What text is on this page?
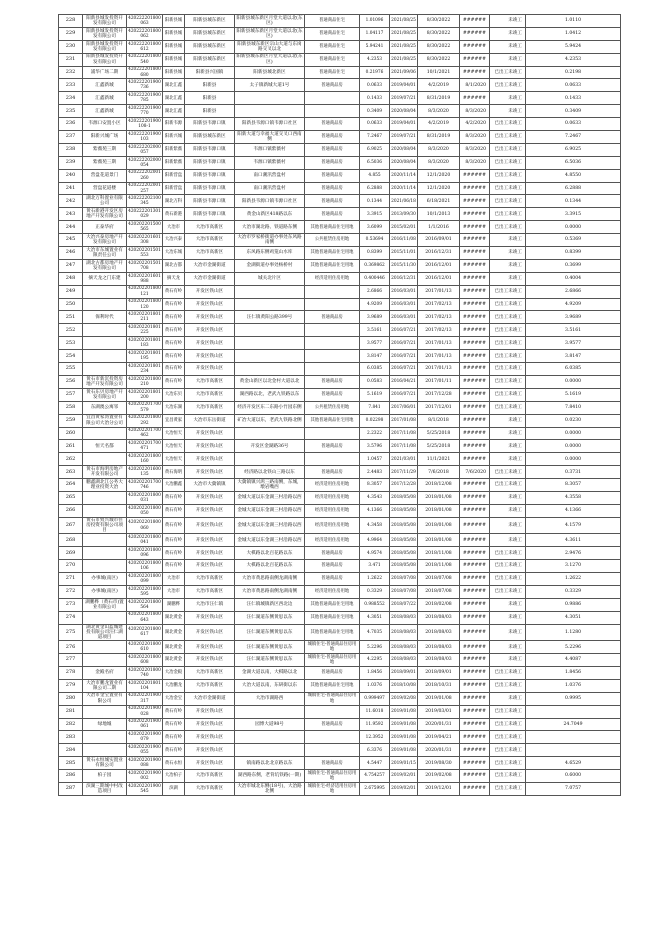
228	阳新县城发投资开发有限公司	420222201800063	阳新县城	阳新县城东新区	阳新县城东新区月堂大道以北(东区)	普通商品住宅	1.01096	2021/08/25	8/30/2022	######	未竣工	1.0110
229	阳新县城发投资开发有限公司	420222201800062	阳新县城	阳新县城东新区	阳新县城东新区月堂大道以北(东区)	普通商品住宅	1.04117	2021/08/25	8/30/2022	######	未竣工	1.0412
230	阳新县城发投资开发有限公司	420222201800612	阳新县城	阳新县城东新区	阳新县城东新区宗山大道与东岗路交叉以北	普通商品住宅	5.94241	2021/08/25	8/30/2022	######	未竣工	5.9424
231	阳新县城发投资开发有限公司	420222201800540	阳新县城	阳新县城东新区	阳新县城东新区月堂大道以北(东区)	普通商品住宅	4.2353	2021/08/25	8/30/2022	######	未竣工	4.2353
232	浦华广场二期	420222201800680	阳新县城	阳新县兴国镇	阳新县城北新区	普通商品住宅	0.21976	2021/09/06	10/1/2021	######	已出工未竣工	0.2198
233	汇鑫新城	420222201900736	湖北汇鑫	阳新县	太子镇新城大道1号	普通商品房	0.0633	2019/04/01	4/2/2019	8/1/2020	已出工未竣工	0.0633
234	汇鑫新城	420222201900785	湖北汇鑫	阳新县			0.1433	2019/07/21	8/31/2019	######	未竣工	0.1433
235	汇鑫新城	420222201900770	湖北汇鑫	阳新县			0.3409	2020/08/04	8/3/2020	8/3/2020	未竣工	0.3409
236	韦源口安置小区	420222201900108-1	阳新韦源	阳新县韦源口镇	阳新县韦源口镇韦源口社区	普通商品房	0.0633	2019/04/01	4/2/2019	4/2/2020	已出工未竣工	0.0633
237	阳新兴城广场	420222201900103	阳新兴城	阳新县城东新区	阳新大道与幸福大道交叉口西南侧	普通商品房	7.2467	2019/07/21	8/31/2019	8/3/2020	已出工未竣工	7.2467
238	紫薇苑三期	420222202000057	阳新紫薇	阳新县韦源口镇	韦源口镇紫薇村	普通商品房	6.9025	2020/08/04	8/3/2020	8/3/2020	已出工未竣工	6.9025
239	紫薇苑三期	420222202000054	阳新紫薇	阳新县韦源口镇	韦源口镇紫薇村	普通商品房	6.5036	2020/08/04	8/3/2020	8/3/2020	已出工未竣工	6.5036
240	营盘花道景门	420222202001260	阳新营盘	阳新县韦源口镇	南口潮汛营盘村	普通商品房	4.855	2020/11/14	12/1/2020	######	已出工未竣工	4.8550
241	营盘花道楼	420222202001257	阳新营盘	阳新县韦源口镇	南口潮汛营盘村	普通商品房	6.2888	2020/11/14	12/1/2020	######	已出工未竣工	6.2888
242	湖北万科置业有限公司	420222202100345	湖北万科	阳新县韦源口镇	阳新县韦源口镇韦源口社区	普通商品房	0.1344	2021/06/18	6/18/2021	######	已出工未竣工	0.1344
243	黄石新港开发区房地产开发有限公司	420222201301029	黄石新港	阳新县韦源口镇	黄金山新区418路以东	普通商品房	3.3915	2013/09/30	10/1/2013	######	已出工未竣工	3.3915
244	正泰华府	420202201500565	大冶市	大冶市高新区	大冶市湖北路、铁道路东侧	其他普通商品住宅用地	3.6099	2015/02/01	1/1/2016	######	已出工未竣工	0.0000
245	大冶兴泰房地产开发有限公司	420202201601308	大冶兴泰	大冶市高新区	大冶市罗家桥街道办事处东风路南侧	公共租赁住房用地	0.53694	2016/11/08	2016/09/01	######	未竣工	0.5369
246	大冶市东城置业有限责任公司	420202201501553	大冶东城	大冶市高新区	东风路东侧鸡笼山水库	其他普通商品住宅用地	0.8399	2015/11/01	2016/12/31	######	未竣工	0.8399
247	湖北古都房地产开发有限公司	420202201501708	湖北古都	大冶市金湖街道	金湖街道办事处杨桥村	其他普通商品住宅用地	0.369862	2015/11/30	2016/12/01	######	未竣工	0.3699
248	摘天龙之门东建	420202201601988	摘天龙	大冶市金湖街道	城关北片区	经济适用住房用地	0.400446	2016/12/31	2016/12/01	######	未竣工	0.4004
249		420202201800121	黄石有岭	开发区铁山区			2.6866	2016/03/01	2017/01/13	######	已出工未竣工	2.6866
250		420202201800120	黄石有岭	开发区铁山区			4.9209	2016/03/01	2017/02/13	######	已出工未竣工	4.9209
251	保利时代	420202201801211	黄石有岭	开发区铁山区	汪仁镇黄阳公路399号	普通商品房	3.9689	2016/03/01	2017/02/13	######	已出工未竣工	3.9689
252		420202201801225	黄石有岭	开发区铁山区			3.5161	2016/07/21	2017/02/13	######	已出工未竣工	3.5161
253		420202201801183	黄石有岭	开发区铁山区			3.9577	2016/07/21	2017/01/13	######	已出工未竣工	3.9577
254		420202201801195	黄石有岭	开发区铁山区			3.8147	2016/07/21	2017/01/13	######	已出工未竣工	3.8147
255		420202201801234	黄石有岭	开发区铁山区			6.0385	2016/07/21	2017/01/13	######	已出工未竣工	6.0385
256	黄石市新沉投资房地产开发有限公司	420202201800210	黄石有岭	大冶市高新区	黄金山新区以北金村大道以北	普通商品房	0.0583	2016/04/21	2017/01/11	######	已出工未竣工	0.0000
257	黄石东贝房地产开发有限公司	420202201801200	大冶东贝	大冶市高新区	湖西路以北，老武九铁路以东	普通商品房	5.1619	2016/07/21	2017/12/28	######	已出工未竣工	5.1619
258	东湖澳公寓邻	420202201700579	大冶东湖	大冶市高新区	经济开发区东二东路小竹园东侧	公共租赁住房用地	7.841	2017/06/01	2017/12/01	######	已出工未竣工	7.8410
259	宜昌黄家湾置业有限公司大冶分公司	420202201800292	宜昌黄家	大冶市东岳街道	矿冶大道以东，老武九铁路北侧	其他普通商品住宅用地	0.02298	2017/01/08	8/1/2018	######	未竣工	0.0230
260		420202201700462	大冶恒天	开发区铁山区			2.2322	2017/11/08	5/25/2018	######	未竣工	0.0000
261	恒天名都	420202201700471	大冶恒天	开发区铁山区	开发区金湖路36号	普通商品房	3.5796	2017/11/08	5/25/2018	######	未竣工	0.0000
262		420202201800160	大冶恒天	开发区铁山区			1.0457	2021/03/01	11/1/2021	######	未竣工	0.0000
263	黄石市海明房地产开发有限公司	420202201600135	黄石海明	开发区铁山区	经济路以北铁山三路以东	普通商品房	2.4483	2017/11/29	7/6/2018	7/6/2020	已出工未竣工	0.3731
264	鹏鑫湖北江公务大理业投资大冶	420202201700746	大冶鹏鑫	大冶市大冀镇镇	大冀镇镇兴鸿三路南侧，东城，墩岩嘴西	经济适用住房用地	8.3057	2017/12/28	2018/12/08	######	已出工未竣工	8.3057
265		420202201800031	黄石有岭	开发区铁山区	金城大道以东金湖三村沿路以西	经济适用住房用地	4.3543	2018/05/08	2018/01/08	######	未竣工	4.3558
266		420202201800050	黄石有岭	开发区铁山区	金城大道以东金湖三村沿路以西	经济适用住房用地	4.1366	2018/05/08	2018/01/08	######	未竣工	4.1366
267	黄石市致兴城市住房投资有限公司项目	420202201800060	黄石有岭	开发区铁山区	金城大道以东金湖三村沿路以西	经济适用住房用地	4.3458	2018/05/08	2018/01/08	######	未竣工	4.1579
268		420202201800041	黄石有岭	开发区铁山区	金城大道以东金湖三村沿路以西	经济适用住房用地	4.9964	2018/05/08	2018/01/08	######	未竣工	4.3611
269		420202201800096	黄石有岭	开发区铁山区	大棋路以北百花路以东	普通商品房	4.9574	2018/05/08	2018/11/08	######	已出工未竣工	2.9476
270		420202201800106	黄石有岭	开发区铁山区	大棋路以北百花路以东	普通商品房	3.471	2018/05/08	2018/11/08	######	已出工未竣工	3.1270
271	办事城(南区)	420202201800099	大冶市	大冶市高新区	大冶市黄思路南侧龙湖南侧	普通商品房	1.2622	2018/07/08	2018/07/08	######	已出工未竣工	1.2622
272	办事城(南区)	420202201800595	大冶市	大冶市高新区	大冶市黄思路南侧龙湖南侧	经济适用住房用地	0.3329	2018/07/08	2018/07/08	######	已出工未竣工	0.3329
273	湖鹏桦（黄石市)置业有限公司	420202201800564	湖鹏桦	大冶市汪仁镇	汪仁镇城镇新区西北边	其他普通商品住宅用地	0.988552	2018/07/22	2018/02/08	######	未竣工	0.9886
274		420202201800643	湖北黄金	开发区铁山区	汪仁湖道东侧黄思以东	其他普通商品住宅用地	4.3051	2018/08/03	2018/08/03	######	未竣工	4.3051
275	湖北黄金山蓝城建投有限公司汪仁湖道项目	420202201800617	湖北黄金	开发区铁山区	汪仁湖道东侧黄思以东	其他普通商品住宅用地	4.7035	2018/08/03	2018/08/03	######	未竣工	1.1280
276		420202201800610	湖北黄金	开发区铁山区	汪仁湖道东侧黄思以东	城镇住宅-普通商品住房用地	5.2296	2018/08/03	2018/08/03	######	未竣工	5.2296
277		420202201800608	湖北黄金	开发区铁山区	汪仁湖道东侧黄思以东	城镇住宅-普通商品住房用地	4.2295	2018/08/03	2018/08/03	######	未竣工	4.4087
278	金殿名府	420202201800740	大冶金殿	大冶市高新区	金湖大道以南，大棋路以北	普通商品房	1.8456	2018/09/01	2018/09/01	######	已出工未竣工	1.8456
279	大冶市鹏龙置业有限公司二期	420202201801104	大冶鹏龙	大冶市高新区	大冶大道以南，东研街以东	其他普通商品住宅用地	1.0376	2018/10/08	2018/10/31	######	已出工未竣工	1.0376
280	大冶市金宝置业有限公司	420202201900317	大冶金宝	大冶市金湖街道	大冶市湖路西	城镇住宅-普通商品住房用地	0.999497	2019/02/08	2019/01/08	######	未竣工	0.9995
281		420202201900028	黄石有岭	开发区铁山区			11.6018	2019/01/08	2019/03/01	######	已出工未竣工	
282	绿地城	420202201900061	黄石有岭	开发区铁山区	园博大道98号	普通商品房	11.9592	2019/01/08	2020/01/31	######	已出工未竣工	24.7049
283		420202201900079	黄石有岭	开发区铁山区			12.3952	2019/01/08	2019/04/21	######	已出工未竣工	
284		420202201900055	黄石有岭	开发区铁山区			6.3376	2019/01/08	2020/01/31	######	已出工未竣工	
285	黄石永恒城实置业有限公司	420202201900088	黄石永恒	开发区铁山区	镇南路以北北京路以东	普通商品房	4.5447	2019/01/15	2019/08/30	######	已出工未竣工	4.6529
286	柏子园	420202201900002	大冶柏子	大冶市高新区	湖西路东侧，老背坑铁路(一期)	城镇住宅-普通商品住房用地	4.754257	2019/02/01	2019/02/08	######	已出工未竣工	0.6000
287	滨湖三期城中村改造项目	420202201900545	滨湖	大冶市高新区	大冶市城北东侧(18号)，大冶路北侧	城镇住宅-经济适用住房用地	2.675995	2019/02/01	2019/12/01	######	已出工未竣工	7.0757
